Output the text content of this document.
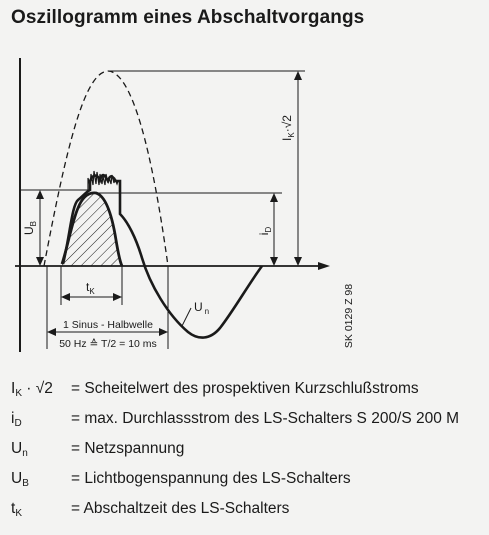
Oszillogramm eines Abschaltvorgangs
$U_B$
$i_D$
$I_K\cdot√2$
$t_K$
U $_n$
1 Sinus - Halbwelle
50 Hz ≙ T/2 = 10 ms	SK 0129 Z 98
$I_K \cdot √2$ = Scheitelwert des prospektiven Kurzschlußstroms
$i_D$	= max. Durchlassstrom des LS-Schalters S 200/S 200 M
$U_n$	= Netzspannung
$U_B$	= Lichtbogenspannung des LS-Schalters
$t_K$	= Abschaltzeit des LS-Schalters
